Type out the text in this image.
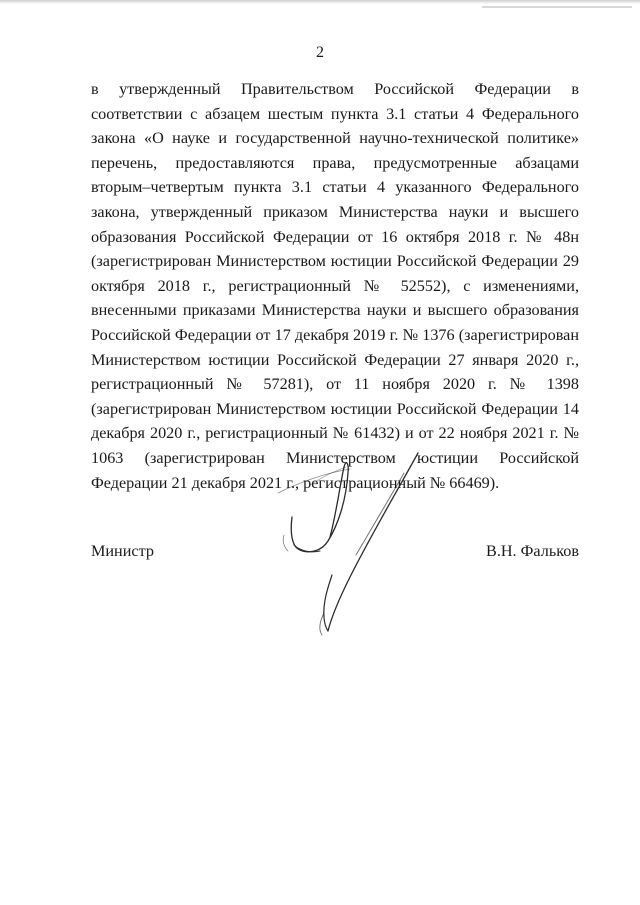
2

в утвержденный Правительством Российской Федерации в соответствии с абзацем шестым пункта 3.1 статьи 4 Федерального закона «О науке и государственной научно-технической политике» перечень, предоставляются права, предусмотренные абзацами вторым–четвертым пункта 3.1 статьи 4 указанного Федерального закона, утвержденный приказом Министерства науки и высшего образования Российской Федерации от 16 октября 2018 г. № 48н (зарегистрирован Министерством юстиции Российской Федерации 29 октября 2018 г., регистрационный № 52552), с изменениями, внесенными приказами Министерства науки и высшего образования Российской Федерации от 17 декабря 2019 г. № 1376 (зарегистрирован Министерством юстиции Российской Федерации 27 января 2020 г., регистрационный № 57281), от 11 ноября 2020 г. № 1398 (зарегистрирован Министерством юстиции Российской Федерации 14 декабря 2020 г., регистрационный № 61432) и от 22 ноября 2021 г. № 1063 (зарегистрирован Министерством юстиции Российской Федерации 21 декабря 2021 г., регистрационный № 66469).

Министр	В.Н. Фальков
